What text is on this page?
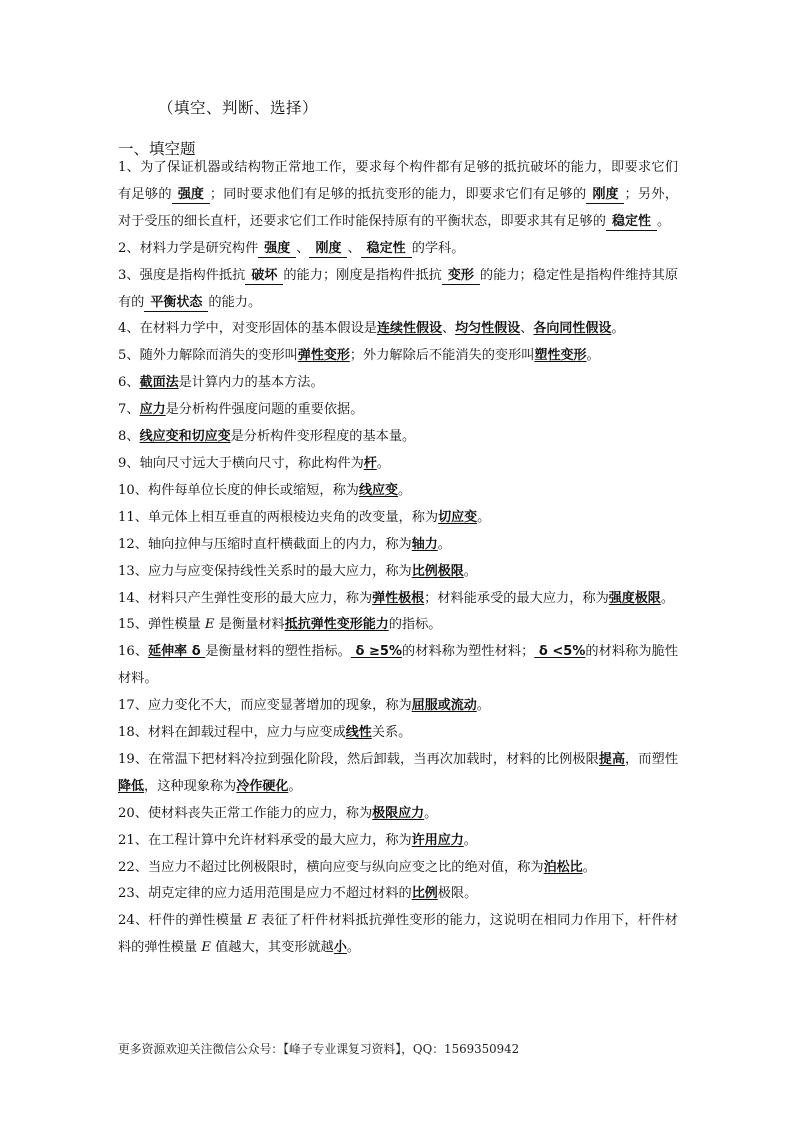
（填空、判断、选择）
一、填空题

1、为了保证机器或结构物正常地工作，要求每个构件都有足够的抵抗破坏的能力，即要求它们有足够的 强度 ；同时要求他们有足够的抵抗变形的能力，即要求它们有足够的 刚度 ；另外，对于受压的细长直杆，还要求它们工作时能保持原有的平衡状态，即要求其有足够的 稳定性 。

2、材料力学是研究构件 强度 、 刚度 、 稳定性 的学科。

3、强度是指构件抵抗 破坏 的能力；刚度是指构件抵抗 变形 的能力；稳定性是指构件维持其原有的 平衡状态 的能力。

4、在材料力学中，对变形固体的基本假设是连续性假设、均匀性假设、各向同性假设。

5、随外力解除而消失的变形叫弹性变形；外力解除后不能消失的变形叫塑性变形。

6、截面法是计算内力的基本方法。

7、应力是分析构件强度问题的重要依据。

8、线应变和切应变是分析构件变形程度的基本量。

9、轴向尺寸远大于横向尺寸，称此构件为杆。

10、构件每单位长度的伸长或缩短，称为线应变。

11、单元体上相互垂直的两根棱边夹角的改变量，称为切应变。

12、轴向拉伸与压缩时直杆横截面上的内力，称为轴力。

13、应力与应变保持线性关系时的最大应力，称为比例极限。

14、材料只产生弹性变形的最大应力，称为弹性极根；材料能承受的最大应力，称为强度极限。

15、弹性模量 E 是衡量材料抵抗弹性变形能力的指标。

16、延伸率 δ 是衡量材料的塑性指标。 δ ≥5%的材料称为塑性材料； δ <5%的材料称为脆性材料。

17、应力变化不大，而应变显著增加的现象，称为屈服或流动。

18、材料在卸载过程中，应力与应变成线性关系。

19、在常温下把材料冷拉到强化阶段，然后卸载，当再次加载时，材料的比例极限提高，而塑性降低，这种现象称为冷作硬化。

20、使材料丧失正常工作能力的应力，称为极限应力。

21、在工程计算中允许材料承受的最大应力，称为许用应力。

22、当应力不超过比例极限时，横向应变与纵向应变之比的绝对值，称为泊松比。

23、胡克定律的应力适用范围是应力不超过材料的比例极限。

24、杆件的弹性模量 E 表征了杆件材料抵抗弹性变形的能力，这说明在相同力作用下，杆件材料的弹性模量 E 值越大，其变形就越小。

更多资源欢迎关注微信公众号：【峰子专业课复习资料】，QQ：1569350942
